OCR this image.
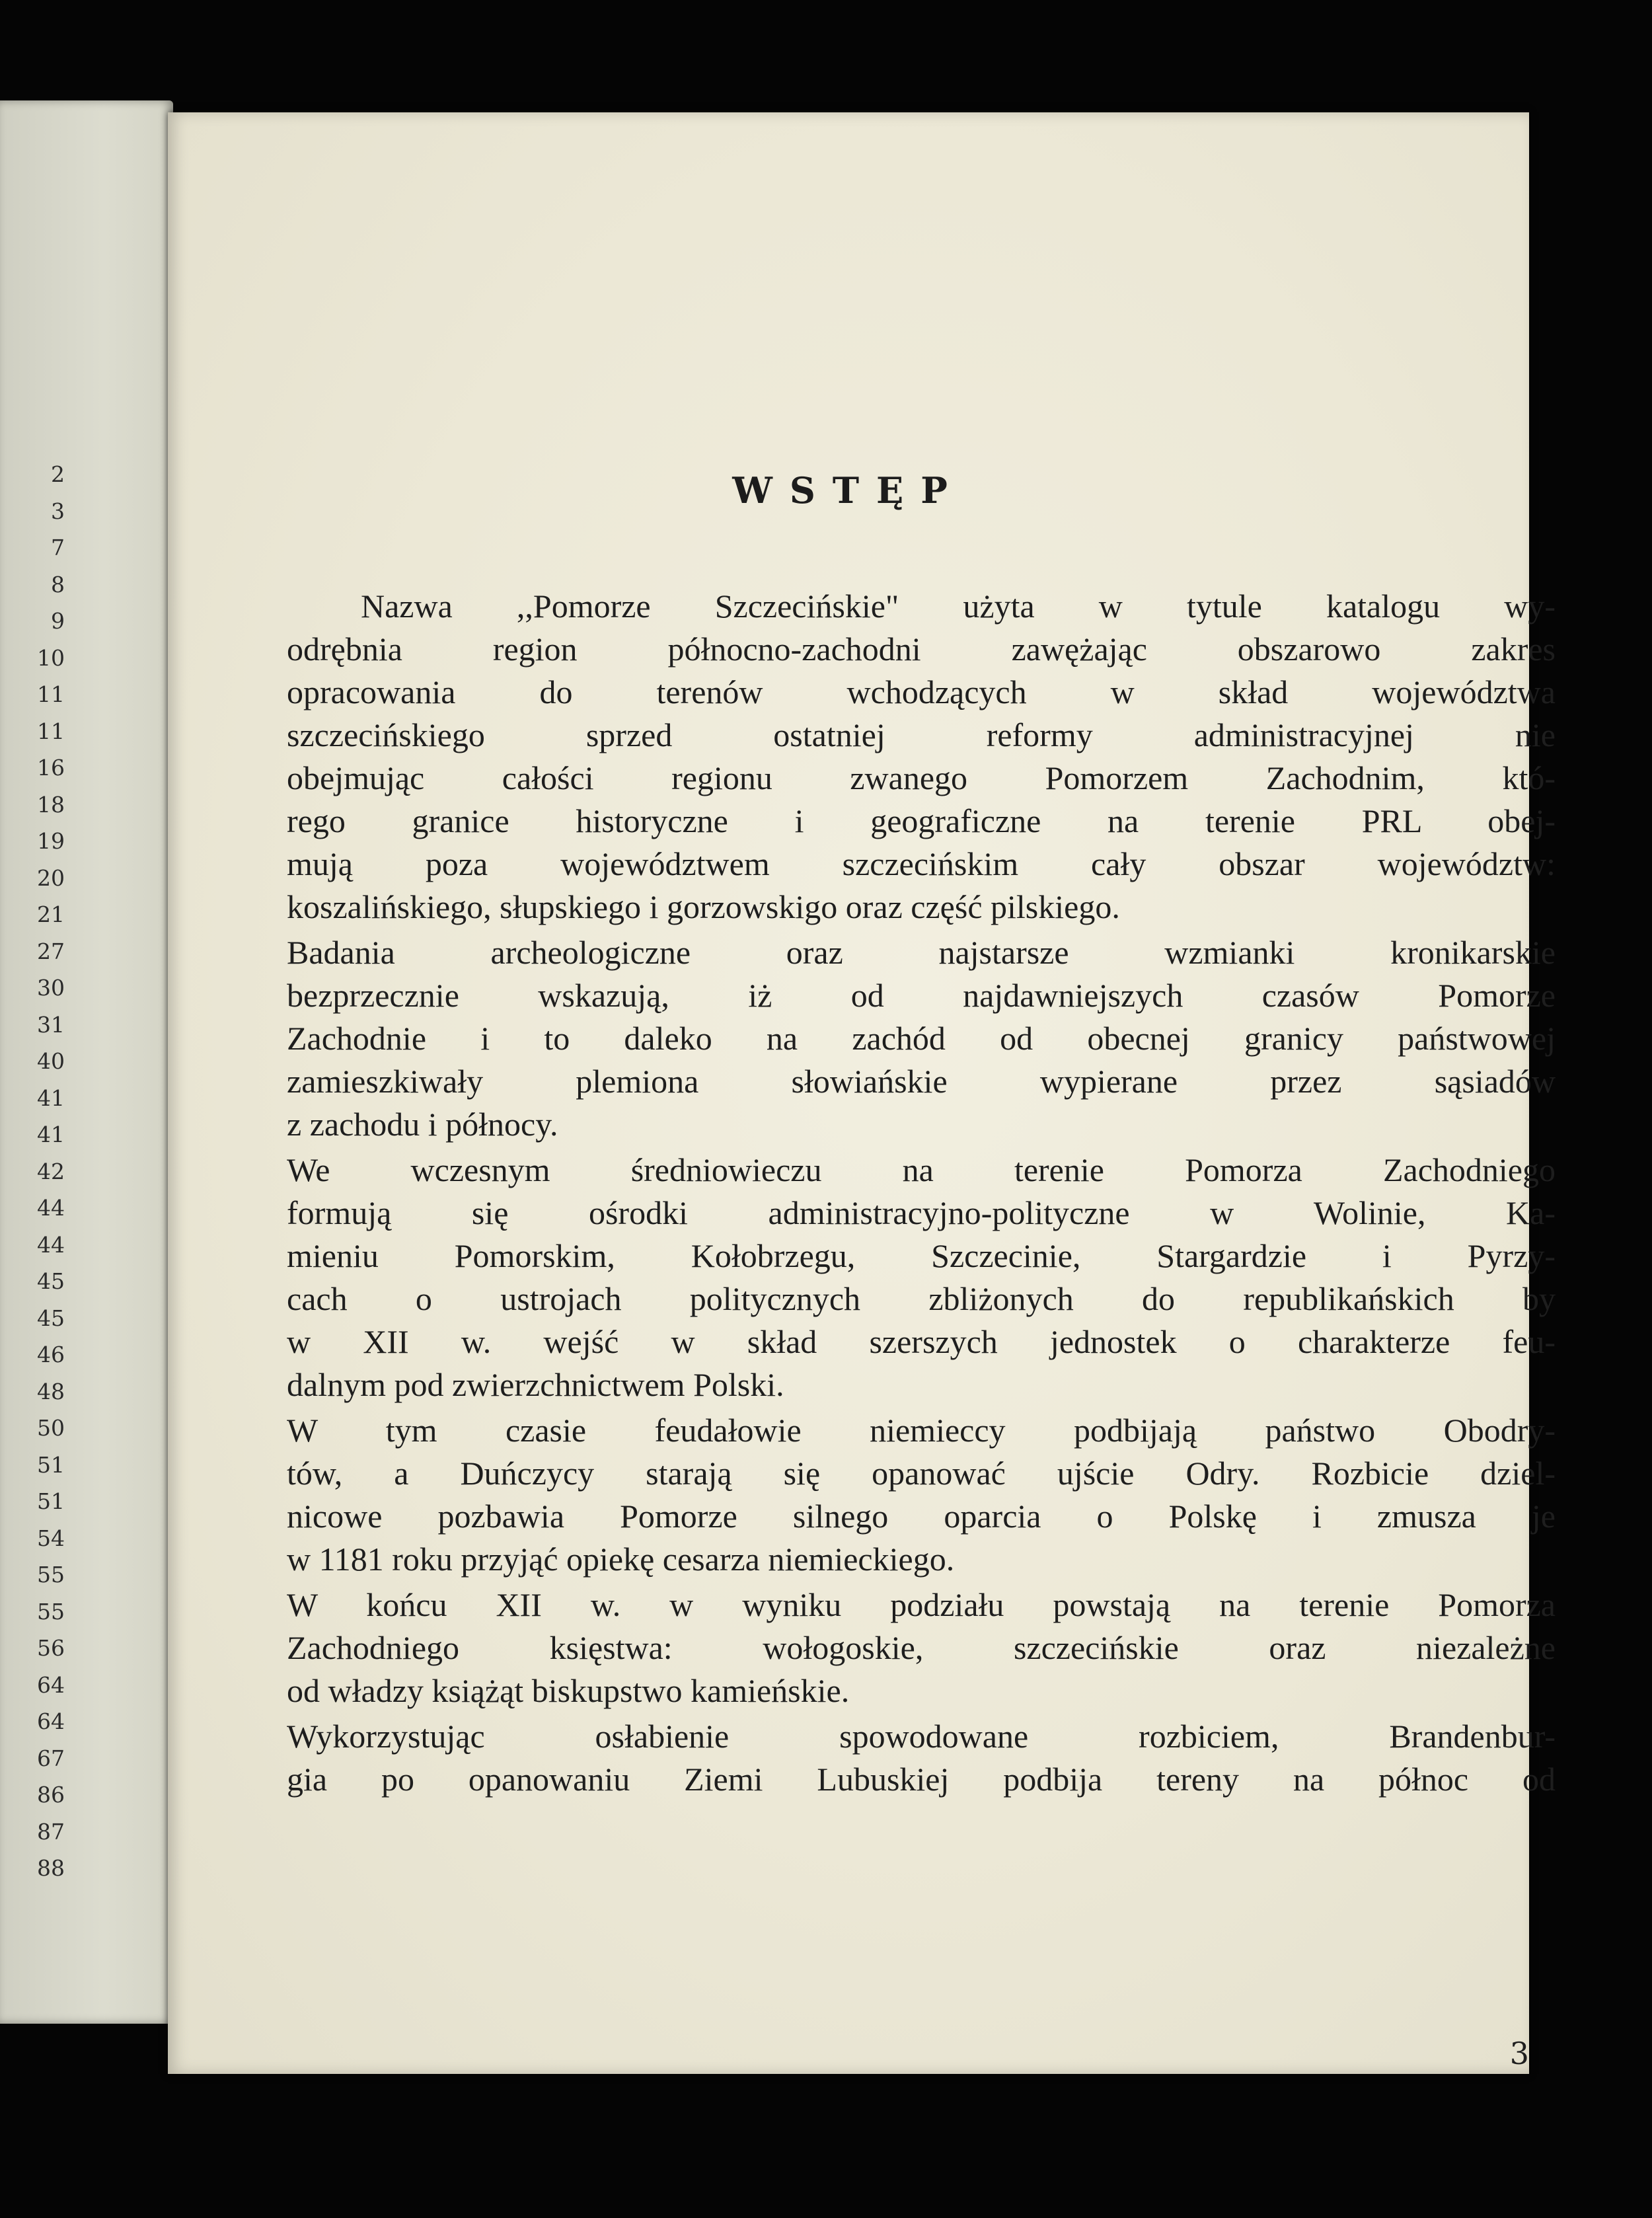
2
3
7
8
9
10
11
11
16
18
19
20
21
27
30
31
40
41
41
42
44
44
45
45
46
48
50
51
51
54
55
55
56
64
64
67
86
87
88
WSTĘP
Nazwa ,,Pomorze Szczecińskie" użyta w tytule katalogu wy-
odrębnia region północno-zachodni zawężając obszarowo zakres
opracowania do terenów wchodzących w skład województwa
szczecińskiego sprzed ostatniej reformy administracyjnej nie
obejmując całości regionu zwanego Pomorzem Zachodnim, któ-
rego granice historyczne i geograficzne na terenie PRL obej-
mują poza województwem szczecińskim cały obszar województw:
koszalińskiego, słupskiego i gorzowskigo oraz część pilskiego.
Badania archeologiczne oraz najstarsze wzmianki kronikarskie
bezprzecznie wskazują, iż od najdawniejszych czasów Pomorze
Zachodnie i to daleko na zachód od obecnej granicy państwowej
zamieszkiwały plemiona słowiańskie wypierane przez sąsiadów
z zachodu i północy.
We wczesnym średniowieczu na terenie Pomorza Zachodniego
formują się ośrodki administracyjno-polityczne w Wolinie, Ka-
mieniu Pomorskim, Kołobrzegu, Szczecinie, Stargardzie i Pyrzy-
cach o ustrojach politycznych zbliżonych do republikańskich by
w XII w. wejść w skład szerszych jednostek o charakterze feu-
dalnym pod zwierzchnictwem Polski.
W tym czasie feudałowie niemieccy podbijają państwo Obodry-
tów, a Duńczycy starają się opanować ujście Odry. Rozbicie dziel-
nicowe pozbawia Pomorze silnego oparcia o Polskę i zmusza je
w 1181 roku przyjąć opiekę cesarza niemieckiego.
W końcu XII w. w wyniku podziału powstają na terenie Pomorza
Zachodniego księstwa: wołogoskie, szczecińskie oraz niezależne
od władzy książąt biskupstwo kamieńskie.
Wykorzystując osłabienie spowodowane rozbiciem, Brandenbur-
gia po opanowaniu Ziemi Lubuskiej podbija tereny na północ od
3
